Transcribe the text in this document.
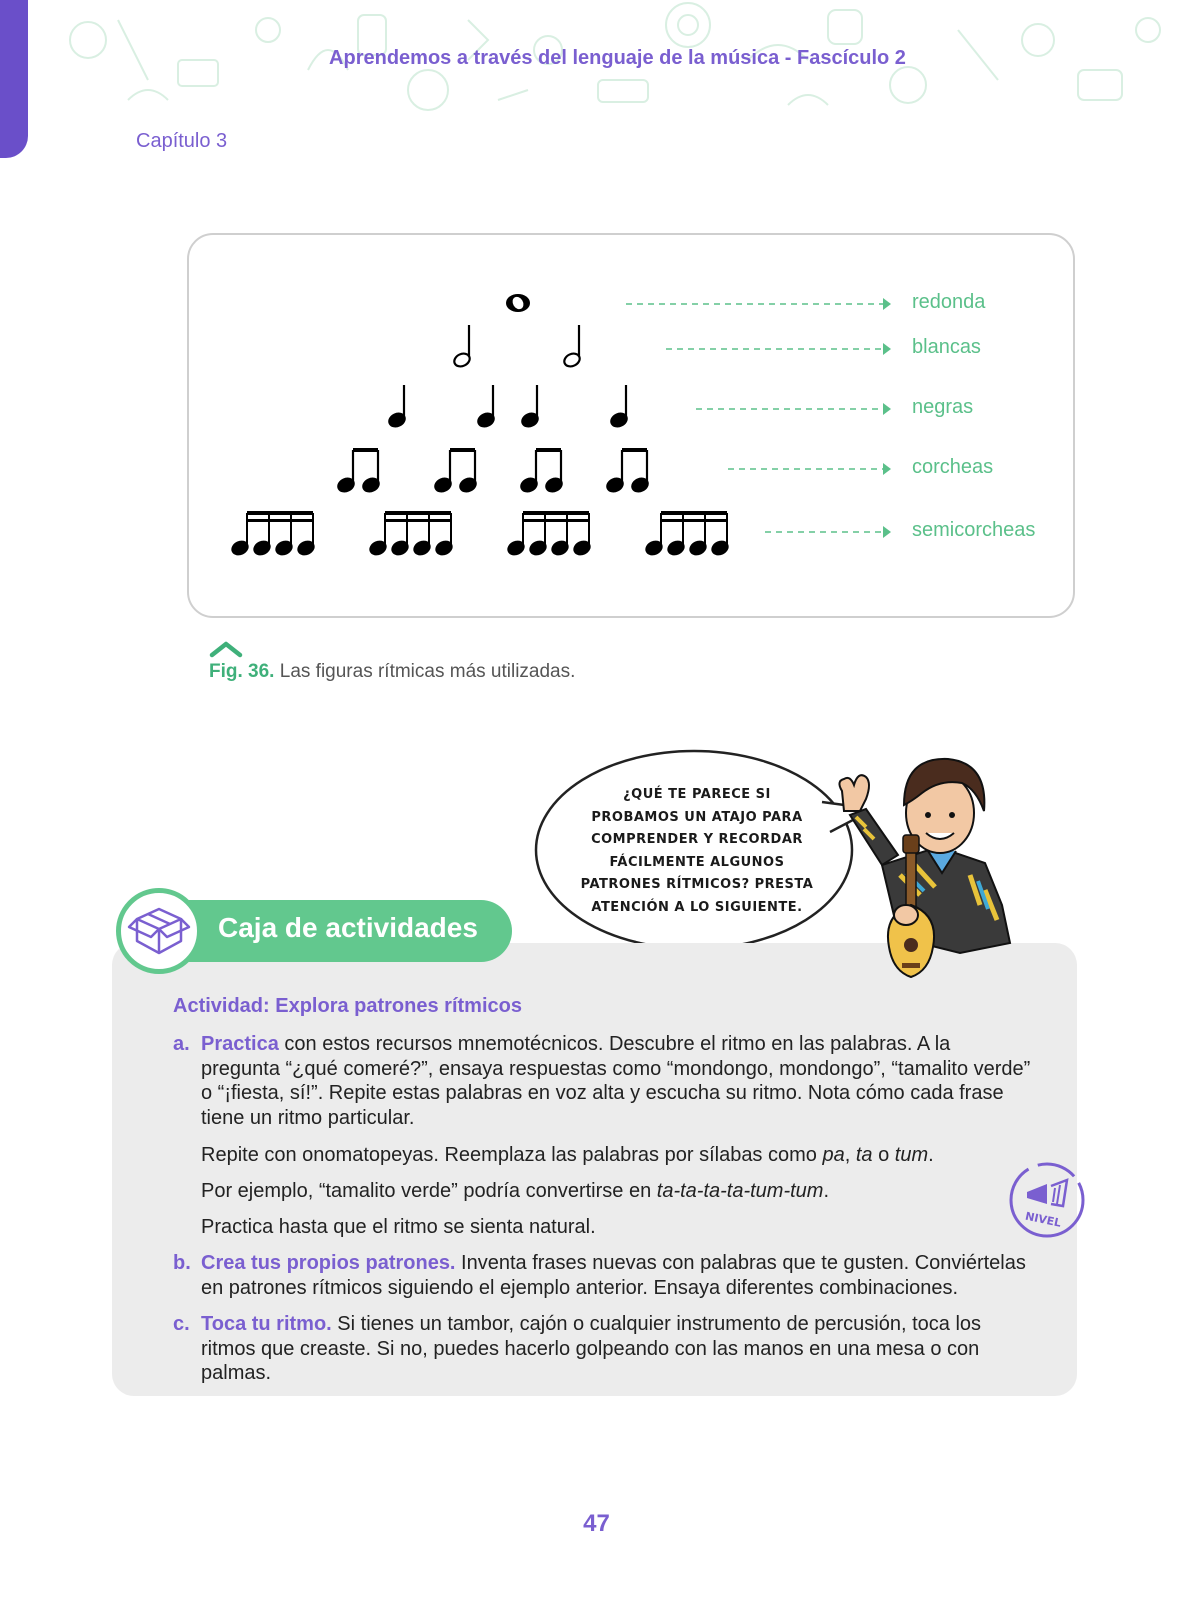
Aprendemos a través del lenguaje de la música - Fascículo 2
Capítulo 3
redonda
blancas
negras
corcheas
semicorcheas
Fig. 36. Las figuras rítmicas más utilizadas.
¿QUÉ TE PARECE SI
PROBAMOS UN ATAJO PARA
COMPRENDER Y RECORDAR
FÁCILMENTE ALGUNOS
PATRONES RÍTMICOS? PRESTA
ATENCIÓN A LO SIGUIENTE.
Caja de actividades
Actividad: Explora patrones rítmicos
a. Practica con estos recursos mnemotécnicos. Descubre el ritmo en las palabras. A la pregunta “¿qué comeré?”, ensaya respuestas como “mondongo, mondongo”, “tamalito verde” o “¡fiesta, sí!”. Repite estas palabras en voz alta y escucha su ritmo. Nota cómo cada frase tiene un ritmo particular.
Repite con onomatopeyas. Reemplaza las palabras por sílabas como pa, ta o tum.
Por ejemplo, “tamalito verde” podría convertirse en ta-ta-ta-ta-tum-tum.
Practica hasta que el ritmo se sienta natural.
b. Crea tus propios patrones. Inventa frases nuevas con palabras que te gusten. Conviértelas en patrones rítmicos siguiendo el ejemplo anterior. Ensaya diferentes combinaciones.
c. Toca tu ritmo. Si tienes un tambor, cajón o cualquier instrumento de percusión, toca los ritmos que creaste. Si no, puedes hacerlo golpeando con las manos en una mesa o con palmas.
NIVEL
47
